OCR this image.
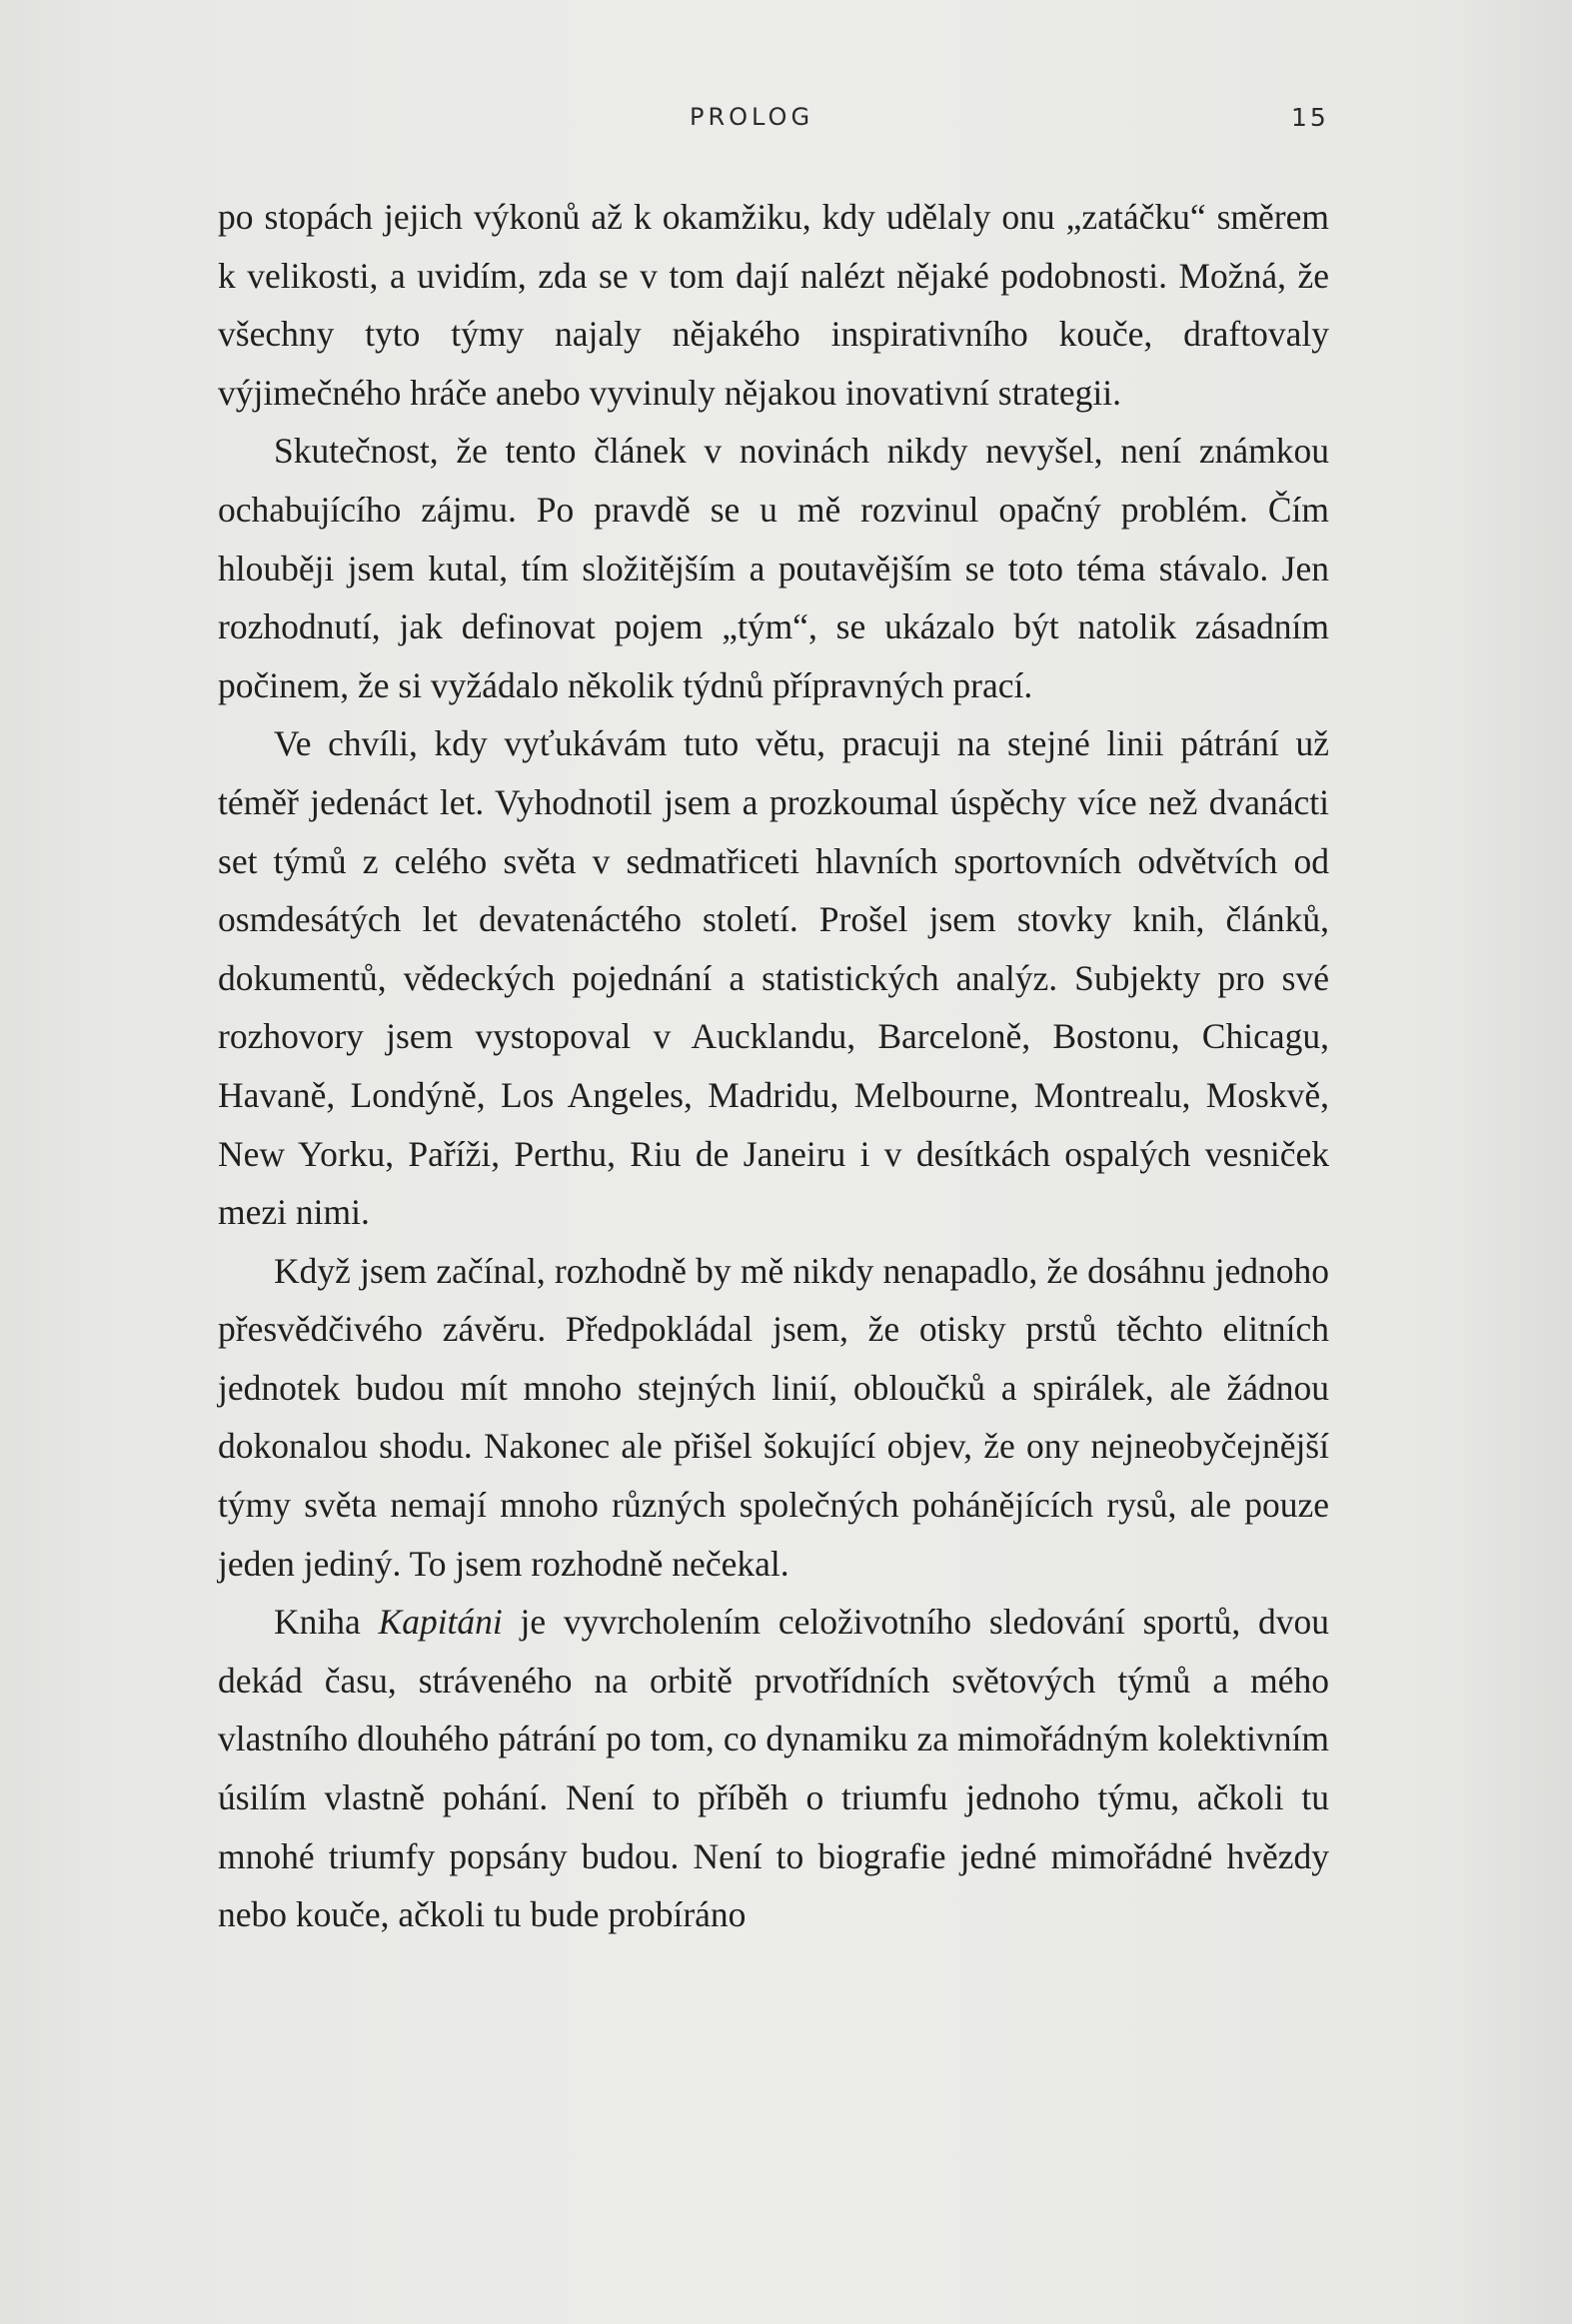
PROLOG	15

po stopách jejich výkonů až k okamžiku, kdy udělaly onu „zatáčku“ směrem k velikosti, a uvidím, zda se v tom dají nalézt nějaké podobnosti. Možná, že všechny tyto týmy najaly nějakého inspirativního kouče, draftovaly výjimečného hráče anebo vyvinuly nějakou inovativní strategii.

Skutečnost, že tento článek v novinách nikdy nevyšel, není známkou ochabujícího zájmu. Po pravdě se u mě rozvinul opačný problém. Čím hlouběji jsem kutal, tím složitějším a poutavějším se toto téma stávalo. Jen rozhodnutí, jak definovat pojem „tým“, se ukázalo být natolik zásadním počinem, že si vyžádalo několik týdnů přípravných prací.

Ve chvíli, kdy vyťukávám tuto větu, pracuji na stejné linii pátrání už téměř jedenáct let. Vyhodnotil jsem a prozkoumal úspěchy více než dvanácti set týmů z celého světa v sedmatřiceti hlavních sportovních odvětvích od osmdesátých let devatenáctého století. Prošel jsem stovky knih, článků, dokumentů, vědeckých pojednání a statistických analýz. Subjekty pro své rozhovory jsem vystopoval v Aucklandu, Barceloně, Bostonu, Chicagu, Havaně, Londýně, Los Angeles, Madridu, Melbourne, Montrealu, Moskvě, New Yorku, Paříži, Perthu, Riu de Janeiru i v desítkách ospalých vesniček mezi nimi.

Když jsem začínal, rozhodně by mě nikdy nenapadlo, že dosáhnu jednoho přesvědčivého závěru. Předpokládal jsem, že otisky prstů těchto elitních jednotek budou mít mnoho stejných linií, obloučků a spirálek, ale žádnou dokonalou shodu. Nakonec ale přišel šokující objev, že ony nejneobyčejnější týmy světa nemají mnoho různých společných pohánějících rysů, ale pouze jeden jediný. To jsem rozhodně nečekal.

Kniha Kapitáni je vyvrcholením celoživotního sledování sportů, dvou dekád času, stráveného na orbitě prvotřídních světových týmů a mého vlastního dlouhého pátrání po tom, co dynamiku za mimořádným kolektivním úsilím vlastně pohání. Není to příběh o triumfu jednoho týmu, ačkoli tu mnohé triumfy popsány budou. Není to biografie jedné mimořádné hvězdy nebo kouče, ačkoli tu bude probíráno
